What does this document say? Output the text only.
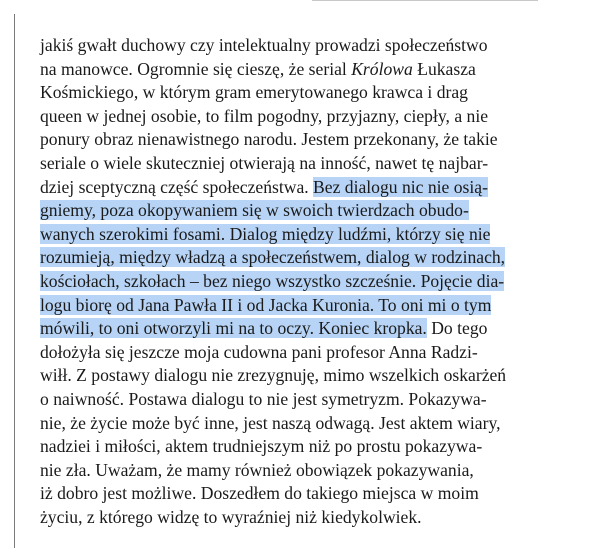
jakiś gwałt duchowy czy intelektualny prowadzi społeczeństwo
na manowce. Ogromnie się cieszę, że serial Królowa Łukasza
Kośmickiego, w którym gram emerytowanego krawca i drag
queen w jednej osobie, to film pogodny, przyjazny, ciepły, a nie
ponury obraz nienawistnego narodu. Jestem przekonany, że takie
seriale o wiele skuteczniej otwierają na inność, nawet tę najbar-
dziej sceptyczną część społeczeństwa. Bez dialogu nic nie osią-
gniemy, poza okopywaniem się w swoich twierdzach obudo-
wanych szerokimi fosami. Dialog między ludźmi, którzy się nie
rozumieją, między władzą a społeczeństwem, dialog w rodzinach,
kościołach, szkołach – bez niego wszystko szcześnie. Pojęcie dia-
logu biorę od Jana Pawła II i od Jacka Kuronia. To oni mi o tym
mówili, to oni otworzyli mi na to oczy. Koniec kropka. Do tego
dołożyła się jeszcze moja cudowna pani profesor Anna Radzi-
wiłł. Z postawy dialogu nie zrezygnuję, mimo wszelkich oskarżeń
o naiwność. Postawa dialogu to nie jest symetryzm. Pokazywa-
nie, że życie może być inne, jest naszą odwagą. Jest aktem wiary,
nadziei i miłości, aktem trudniejszym niż po prostu pokazywa-
nie zła. Uważam, że mamy również obowiązek pokazywania,
iż dobro jest możliwe. Doszedłem do takiego miejsca w moim
życiu, z którego widzę to wyraźniej niż kiedykolwiek.
